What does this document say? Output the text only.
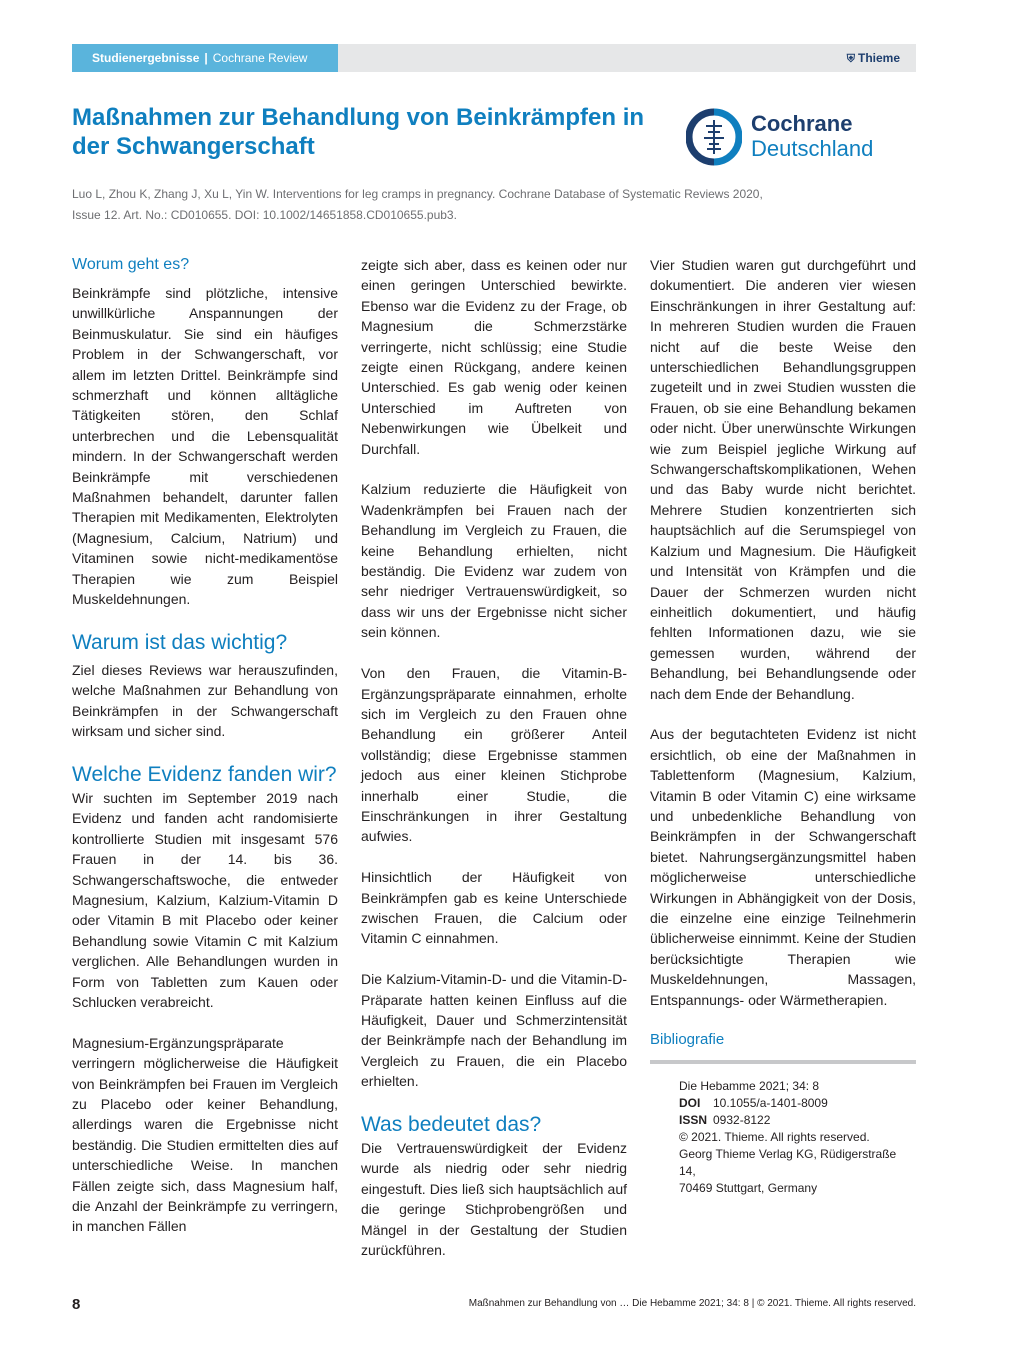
Studienergebnisse | Cochrane Review	⛨ Thieme
Maßnahmen zur Behandlung von Beinkrämpfen in der Schwangerschaft
Cochrane
Deutschland
Luo L, Zhou K, Zhang J, Xu L, Yin W. Interventions for leg cramps in pregnancy. Cochrane Database of Systematic Reviews 2020, Issue 12. Art. No.: CD010655. DOI: 10.1002/14651858.CD010655.pub3.
Worum geht es?

Beinkrämpfe sind plötzliche, intensive unwillkürliche Anspannungen der Beinmuskulatur. Sie sind ein häufiges Problem in der Schwangerschaft, vor allem im letzten Drittel. Beinkrämpfe sind schmerzhaft und können alltägliche Tätigkeiten stören, den Schlaf unterbrechen und die Lebensqualität mindern. In der Schwangerschaft werden Beinkrämpfe mit verschiedenen Maßnahmen behandelt, darunter fallen Therapien mit Medikamenten, Elektrolyten (Magnesium, Calcium, Natrium) und Vitaminen sowie nicht-medikamentöse Therapien wie zum Beispiel Muskeldehnungen.

Warum ist das wichtig?

Ziel dieses Reviews war herauszufinden, welche Maßnahmen zur Behandlung von Beinkrämpfen in der Schwangerschaft wirksam und sicher sind.

Welche Evidenz fanden wir?

Wir suchten im September 2019 nach Evidenz und fanden acht randomisierte kontrollierte Studien mit insgesamt 576 Frauen in der 14. bis 36. Schwangerschaftswoche, die entweder Magnesium, Kalzium, Kalzium-Vitamin D oder Vitamin B mit Placebo oder keiner Behandlung sowie Vitamin C mit Kalzium verglichen. Alle Behandlungen wurden in Form von Tabletten zum Kauen oder Schlucken verabreicht.

Magnesium-Ergänzungspräparate verringern möglicherweise die Häufigkeit von Beinkrämpfen bei Frauen im Vergleich zu Placebo oder keiner Behandlung, allerdings waren die Ergebnisse nicht beständig. Die Studien ermittelten dies auf unterschiedliche Weise. In manchen Fällen zeigte sich, dass Magnesium half, die Anzahl der Beinkrämpfe zu verringern, in manchen Fällen

zeigte sich aber, dass es keinen oder nur einen geringen Unterschied bewirkte. Ebenso war die Evidenz zu der Frage, ob Magnesium die Schmerzstärke verringerte, nicht schlüssig; eine Studie zeigte einen Rückgang, andere keinen Unterschied. Es gab wenig oder keinen Unterschied im Auftreten von Nebenwirkungen wie Übelkeit und Durchfall.

Kalzium reduzierte die Häufigkeit von Wadenkrämpfen bei Frauen nach der Behandlung im Vergleich zu Frauen, die keine Behandlung erhielten, nicht beständig. Die Evidenz war zudem von sehr niedriger Vertrauenswürdigkeit, so dass wir uns der Ergebnisse nicht sicher sein können.

Von den Frauen, die Vitamin-B-Ergänzungspräparate einnahmen, erholte sich im Vergleich zu den Frauen ohne Behandlung ein größerer Anteil vollständig; diese Ergebnisse stammen jedoch aus einer kleinen Stichprobe innerhalb einer Studie, die Einschränkungen in ihrer Gestaltung aufwies.

Hinsichtlich der Häufigkeit von Beinkrämpfen gab es keine Unterschiede zwischen Frauen, die Calcium oder Vitamin C einnahmen.

Die Kalzium-Vitamin-D- und die Vitamin-D-Präparate hatten keinen Einfluss auf die Häufigkeit, Dauer und Schmerzintensität der Beinkrämpfe nach der Behandlung im Vergleich zu Frauen, die ein Placebo erhielten.

Was bedeutet das?

Die Vertrauenswürdigkeit der Evidenz wurde als niedrig oder sehr niedrig eingestuft. Dies ließ sich hauptsächlich auf die geringe Stichprobengrößen und Mängel in der Gestaltung der Studien zurückführen.

Vier Studien waren gut durchgeführt und dokumentiert. Die anderen vier wiesen Einschränkungen in ihrer Gestaltung auf: In mehreren Studien wurden die Frauen nicht auf die beste Weise den unterschiedlichen Behandlungsgruppen zugeteilt und in zwei Studien wussten die Frauen, ob sie eine Behandlung bekamen oder nicht. Über unerwünschte Wirkungen wie zum Beispiel jegliche Wirkung auf Schwangerschaftskomplikationen, Wehen und das Baby wurde nicht berichtet. Mehrere Studien konzentrierten sich hauptsächlich auf die Serumspiegel von Kalzium und Magnesium. Die Häufigkeit und Intensität von Krämpfen und die Dauer der Schmerzen wurden nicht einheitlich dokumentiert, und häufig fehlten Informationen dazu, wie sie gemessen wurden, während der Behandlung, bei Behandlungsende oder nach dem Ende der Behandlung.

Aus der begutachteten Evidenz ist nicht ersichtlich, ob eine der Maßnahmen in Tablettenform (Magnesium, Kalzium, Vitamin B oder Vitamin C) eine wirksame und unbedenkliche Behandlung von Beinkrämpfen in der Schwangerschaft bietet. Nahrungsergänzungsmittel haben möglicherweise unterschiedliche Wirkungen in Abhängigkeit von der Dosis, die einzelne eine einzige Teilnehmerin üblicherweise einnimmt. Keine der Studien berücksichtigte Therapien wie Muskeldehnungen, Massagen, Entspannungs- oder Wärmetherapien.

Bibliografie
Die Hebamme 2021; 34: 8
DOI 10.1055/a-1401-8009
ISSN 0932-8122
© 2021. Thieme. All rights reserved.
Georg Thieme Verlag KG, Rüdigerstraße 14,
70469 Stuttgart, Germany
8	Maßnahmen zur Behandlung von … Die Hebamme 2021; 34: 8 | © 2021. Thieme. All rights reserved.
